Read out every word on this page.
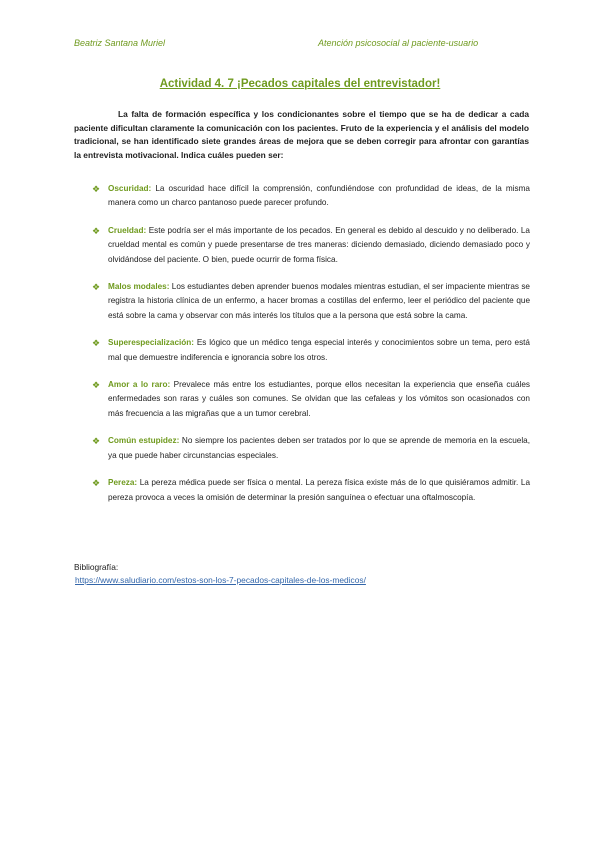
Beatriz Santana Muriel	Atención psicosocial al paciente-usuario
Actividad 4. 7 ¡Pecados capitales del entrevistador!

La falta de formación específica y los condicionantes sobre el tiempo que se ha de dedicar a cada paciente dificultan claramente la comunicación con los pacientes. Fruto de la experiencia y el análisis del modelo tradicional, se han identificado siete grandes áreas de mejora que se deben corregir para afrontar con garantías la entrevista motivacional. Indica cuáles pueden ser:

❖ Oscuridad: La oscuridad hace difícil la comprensión, confundiéndose con profundidad de ideas, de la misma manera como un charco pantanoso puede parecer profundo.
❖ Crueldad: Este podría ser el más importante de los pecados. En general es debido al descuido y no deliberado. La crueldad mental es común y puede presentarse de tres maneras: diciendo demasiado, diciendo demasiado poco y olvidándose del paciente. O bien, puede ocurrir de forma física.
❖ Malos modales: Los estudiantes deben aprender buenos modales mientras estudian, el ser impaciente mientras se registra la historia clínica de un enfermo, a hacer bromas a costillas del enfermo, leer el periódico del paciente que está sobre la cama y observar con más interés los títulos que a la persona que está sobre la cama.
❖ Superespecialización: Es lógico que un médico tenga especial interés y conocimientos sobre un tema, pero está mal que demuestre indiferencia e ignorancia sobre los otros.
❖ Amor a lo raro: Prevalece más entre los estudiantes, porque ellos necesitan la experiencia que enseña cuáles enfermedades son raras y cuáles son comunes. Se olvidan que las cefaleas y los vómitos son ocasionados con más frecuencia a las migrañas que a un tumor cerebral.
❖ Común estupidez: No siempre los pacientes deben ser tratados por lo que se aprende de memoria en la escuela, ya que puede haber circunstancias especiales.
❖ Pereza: La pereza médica puede ser física o mental. La pereza física existe más de lo que quisiéramos admitir. La pereza provoca a veces la omisión de determinar la presión sanguínea o efectuar una oftalmoscopía.
Bibliografía:
https://www.saludiario.com/estos-son-los-7-pecados-capitales-de-los-medicos/
